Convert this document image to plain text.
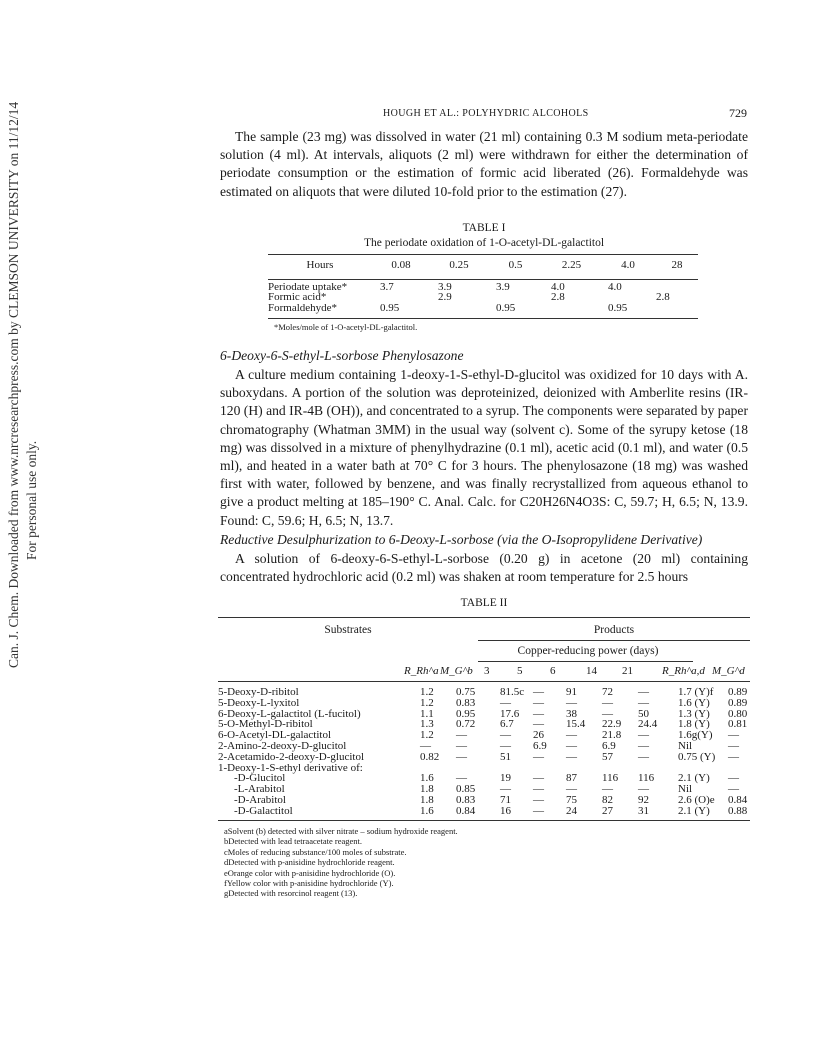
Can. J. Chem. Downloaded from www.nrcresearchpress.com by CLEMSON UNIVERSITY on 11/12/14 For personal use only.
HOUGH ET AL.: POLYHYDRIC ALCOHOLS	729
The sample (23 mg) was dissolved in water (21 ml) containing 0.3 M sodium meta-periodate solution (4 ml). At intervals, aliquots (2 ml) were withdrawn for either the determination of periodate consumption or the estimation of formic acid liberated (26). Formaldehyde was estimated on aliquots that were diluted 10-fold prior to the estimation (27).
TABLE I
The periodate oxidation of 1-O-acetyl-DL-galactitol
Hours	0.08	0.25	0.5	2.25	4.0	28

Periodate uptake*	3.7	3.9	3.9	4.0	4.0	
Formic acid*		2.9		2.8		2.8
Formaldehyde*	0.95		0.95		0.95	
*Moles/mole of 1-O-acetyl-DL-galactitol.
6-Deoxy-6-S-ethyl-L-sorbose Phenylosazone
A culture medium containing 1-deoxy-1-S-ethyl-D-glucitol was oxidized for 10 days with A. suboxydans. A portion of the solution was deproteinized, deionized with Amberlite resins (IR-120 (H) and IR-4B (OH)), and concentrated to a syrup. The components were separated by paper chromatography (Whatman 3MM) in the usual way (solvent c). Some of the syrupy ketose (18 mg) was dissolved in a mixture of phenylhydrazine (0.1 ml), acetic acid (0.1 ml), and water (0.5 ml), and heated in a water bath at 70° C for 3 hours. The phenylosazone (18 mg) was washed first with water, followed by benzene, and was finally recrystallized from aqueous ethanol to give a product melting at 185–190° C. Anal. Calc. for C20H26N4O3S: C, 59.7; H, 6.5; N, 13.9. Found: C, 59.6; H, 6.5; N, 13.7.
Reductive Desulphurization to 6-Deoxy-L-sorbose (via the O-Isopropylidene Derivative)
A solution of 6-deoxy-6-S-ethyl-L-sorbose (0.20 g) in acetone (20 ml) containing concentrated hydrochloric acid (0.2 ml) was shaken at room temperature for 2.5 hours
TABLE II
Substrates	Products
Copper-reducing power (days)
	R_Rh^a	M_G^b	3	5	6	14	21	R_Rh^a,d	M_G^d
5-Deoxy-D-ribitol	1.2	0.75	81.5c	—	91	72	—	1.7 (Y)f	0.89
5-Deoxy-L-lyxitol	1.2	0.83	—	—	—	—	—	1.6 (Y)	0.89
6-Deoxy-L-galactitol (L-fucitol)	1.1	0.95	17.6	—	38	—	50	1.3 (Y)	0.80
5-O-Methyl-D-ribitol	1.3	0.72	6.7	—	15.4	22.9	24.4	1.8 (Y)	0.81
6-O-Acetyl-DL-galactitol	1.2	—	—	26	—	21.8	—	1.6g(Y)	—
2-Amino-2-deoxy-D-glucitol	—	—	—	6.9	—	6.9	—	Nil	—
2-Acetamido-2-deoxy-D-glucitol	0.82	—	51	—	—	57	—	0.75 (Y)	—
1-Deoxy-1-S-ethyl derivative of:									
-D-Glucitol	1.6	—	19	—	87	116	116	2.1 (Y)	—
-L-Arabitol	1.8	0.85	—	—	—	—	—	Nil	—
-D-Arabitol	1.8	0.83	71	—	75	82	92	2.6 (O)e	0.84
-D-Galactitol	1.6	0.84	16	—	24	27	31	2.1 (Y)	0.88
aSolvent (b) detected with silver nitrate – sodium hydroxide reagent.
bDetected with lead tetraacetate reagent.
cMoles of reducing substance/100 moles of substrate.
dDetected with p-anisidine hydrochloride reagent.
eOrange color with p-anisidine hydrochloride (O).
fYellow color with p-anisidine hydrochloride (Y).
gDetected with resorcinol reagent (13).
